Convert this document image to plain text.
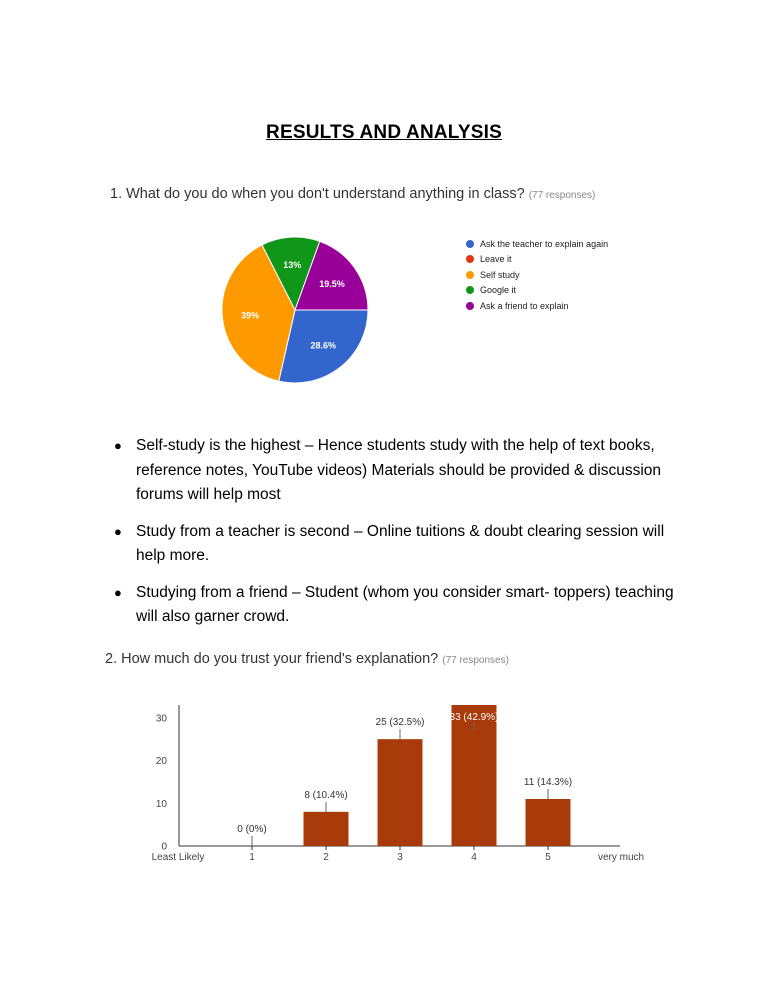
RESULTS AND ANALYSIS
1. What do you do when you don't understand anything in class? (77 responses)
28.6%
39%
13%
19.5%
Ask the teacher to explain again
Leave it
Self study
Google it
Ask a friend to explain
● Self-study is the highest – Hence students study with the help of text books, reference notes, YouTube videos) Materials should be provided & discussion forums will help most
● Study from a teacher is second – Online tuitions & doubt clearing session will help more.
● Studying from a friend – Student (whom you consider smart- toppers) teaching will also garner crowd.
2. How much do you trust your friend's explanation? (77 responses)
0
10
20
30
Least Likely	very much
1
0 (0%)
2
8 (10.4%)
3
25 (32.5%)
4
33 (42.9%)
5
11 (14.3%)
